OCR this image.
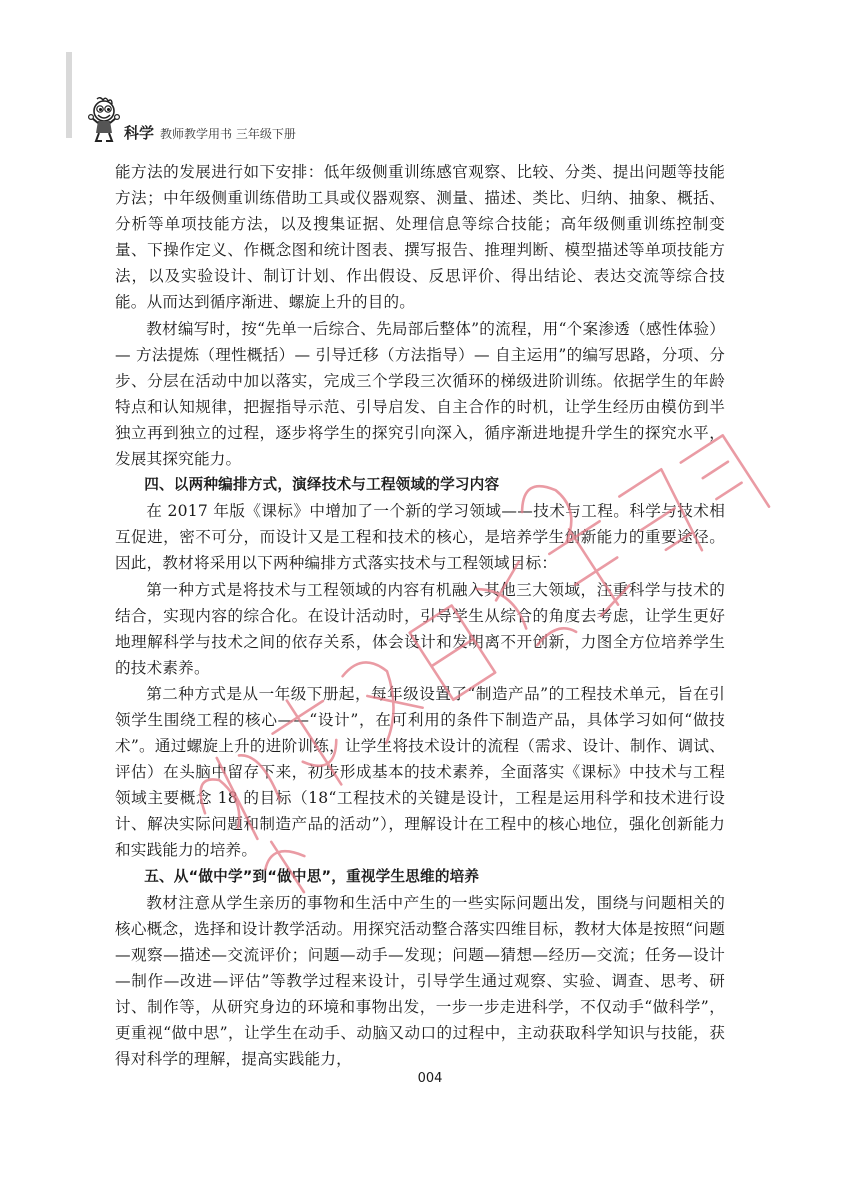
科学 教师教学用书 三年级下册

能方法的发展进行如下安排：低年级侧重训练感官观察、比较、分类、提出问题等技能方法；中年级侧重训练借助工具或仪器观察、测量、描述、类比、归纳、抽象、概括、分析等单项技能方法，以及搜集证据、处理信息等综合技能；高年级侧重训练控制变量、下操作定义、作概念图和统计图表、撰写报告、推理判断、模型描述等单项技能方法，以及实验设计、制订计划、作出假设、反思评价、得出结论、表达交流等综合技能。从而达到循序渐进、螺旋上升的目的。

教材编写时，按“先单一后综合、先局部后整体”的流程，用“个案渗透（感性体验）— 方法提炼（理性概括）— 引导迁移（方法指导）— 自主运用”的编写思路，分项、分步、分层在活动中加以落实，完成三个学段三次循环的梯级进阶训练。依据学生的年龄特点和认知规律，把握指导示范、引导启发、自主合作的时机，让学生经历由模仿到半独立再到独立的过程，逐步将学生的探究引向深入，循序渐进地提升学生的探究水平，发展其探究能力。

四、以两种编排方式，演绎技术与工程领域的学习内容

在 2017 年版《课标》中增加了一个新的学习领域——技术与工程。科学与技术相互促进，密不可分，而设计又是工程和技术的核心，是培养学生创新能力的重要途径。因此，教材将采用以下两种编排方式落实技术与工程领域目标：

第一种方式是将技术与工程领域的内容有机融入其他三大领域，注重科学与技术的结合，实现内容的综合化。在设计活动时，引导学生从综合的角度去考虑，让学生更好地理解科学与技术之间的依存关系，体会设计和发明离不开创新，力图全方位培养学生的技术素养。

第二种方式是从一年级下册起，每年级设置了“制造产品”的工程技术单元，旨在引领学生围绕工程的核心——“设计”，在可利用的条件下制造产品，具体学习如何“做技术”。通过螺旋上升的进阶训练，让学生将技术设计的流程（需求、设计、制作、调试、评估）在头脑中留存下来，初步形成基本的技术素养，全面落实《课标》中技术与工程领域主要概念 18 的目标（18“工程技术的关键是设计，工程是运用科学和技术进行设计、解决实际问题和制造产品的活动”），理解设计在工程中的核心地位，强化创新能力和实践能力的培养。

五、从“做中学”到“做中思”，重视学生思维的培养

教材注意从学生亲历的事物和生活中产生的一些实际问题出发，围绕与问题相关的核心概念，选择和设计教学活动。用探究活动整合落实四维目标，教材大体是按照“问题—观察—描述—交流评价；问题—动手—发现；问题—猜想—经历—交流；任务—设计—制作—改进—评估”等教学过程来设计，引导学生通过观察、实验、调查、思考、研讨、制作等，从研究身边的环境和事物出发，一步一步走进科学，不仅动手“做科学”，更重视“做中思”，让学生在动手、动脑又动口的过程中，主动获取科学知识与技能，获得对科学的理解，提高实践能力，

004
